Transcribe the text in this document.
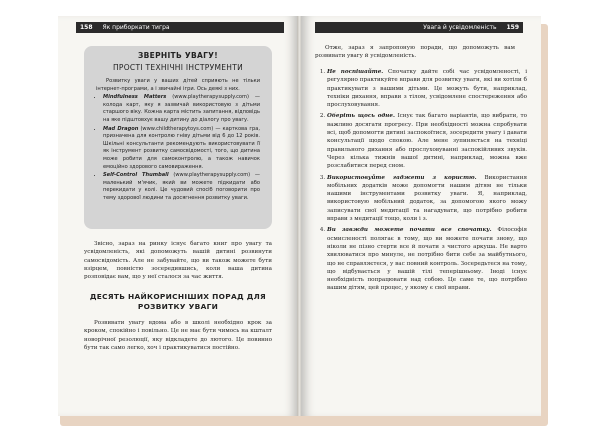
158 Як приборкати тигра
ЗВЕРНІТЬ УВАГУ!
ПРОСТІ ТЕХНІЧНІ ІНСТРУМЕНТИ

Розвитку уваги у ваших дітей сприяють не тільки інтернет-програми, а і звичайні ігри. Ось деякі з них.

• Mindfulness Matters (www.playtherapysupply.com) — колода карт, яку я зазвичай використовую з дітьми старшого віку. Кожна карта містить запитання, відповідь на яке підштовхує вашу дитину до діалогу про увагу.
• Mad Dragon (www.childtherapytoys.com) — карткова гра, призначена для контролю гніву дітьми від 6 до 12 років. Шкільні консультанти рекомендують використовувати її як інструмент розвитку самосвідомості, того, що дитина може робити для самоконтролю, а також навичок емоційно здорового самовираження.
• Self-Control Thumball (www.playtherapysupply.com) — маленький м'ячик, який ви можете підкидати або перекидати у колі. Це чудовий спосіб поговорити про тему здорової людини та досягнення розвитку уваги.

Звісно, зараз на ринку існує багато книг про увагу та усвідомленість, які допоможуть вашій дитині розвинути самосвідомість. Але не забувайте, що ви також можете бути взірцем, повністю зосередившись, коли ваша дитина розповідає вам, що у неї сталося за час життя.

ДЕСЯТЬ НАЙКОРИСНІШИХ ПОРАД ДЛЯ РОЗВИТКУ УВАГИ

Розвивати увагу вдома або в школі необхідно крок за кроком, спокійно і повільно. Це не має бути чимось на кшталт новорічної резолюції, яку відкладете до лютого. Це повинно бути так само легко, хоч і практикуватися постійно.

Увага й усвідомленість 159

Отже, зараз я запропоную поради, що допоможуть вам розвивати увагу й усвідомленість.

1. Не поспішайте. Спочатку дайте собі час усвідомленості, і регулярно практикуйте вправи для розвитку уваги, які ви хотіли б практикувати з вашими дітьми. Це можуть бути, наприклад, техніки дихання, вправи з тілом, усвідомлене спостереження або прослуховування.
2. Оберіть щось одне. Існує так багато варіантів, що вибрати, то важливо досягати прогресу. При необхідності можна спробувати всі, щоб допомогти дитині заспокоїтися, зосередити увагу і давати консультації щодо спокою. Але мене зупиняється на техніці правильного дихання або прослуховуванні заспокійливих звуків. Через кілька тижнів вашої дитині, наприклад, можна вже розслабитися перед сном.
3. Використовуйте гаджети з користю. Використання мобільних додатків може допомогти нашим дітям не тільки нашими інструментами розвитку уваги. Я, наприклад, використовую мобільний додаток, за допомогою якого можу записувати свої медитації та нагадувати, що потрібно робити вправи з медитації тощо, коли і з.
4. Ви завжди можете почати все спочатку. Філософія осмисленості полягає в тому, що ви можете почати знову, що ніколи не пізно стерти все й почати з чистого аркуша. Не варто хвилюватися про минуле, не потрібно бити себе за майбутнього, що не справляєтеся, у вас повний контроль. Зосередьтеся на тому, що відбувається у вашій тілі теперішньому. Іноді існує необхідність попрацювати над собою. Це саме те, що потрібно вашим дітям, цей процес, у якому є свої вправи.
